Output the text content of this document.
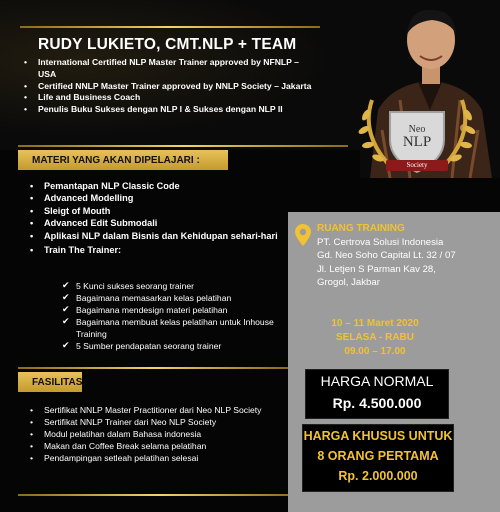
Neo
NLP
Society
RUDY LUKIETO, CMT.NLP + TEAM
• International Certified NLP Master Trainer approved by NFNLP – USA
• Certified NNLP Master Trainer approved by NNLP Society – Jakarta
• Life and Business Coach
• Penulis Buku Sukses dengan NLP I & Sukses dengan NLP II
MATERI YANG AKAN DIPELAJARI :
• Pemantapan NLP Classic Code
• Advanced Modelling
• Sleigt of Mouth
• Advanced Edit Submodali
• Aplikasi NLP dalam Bisnis dan Kehidupan sehari-hari
• Train The Trainer:
✔ 5 Kunci sukses seorang trainer
✔ Bagaimana memasarkan kelas pelatihan
✔ Bagaimana mendesign materi pelatihan
✔ Bagaimana membuat kelas pelatihan untuk Inhouse Training
✔ 5 Sumber pendapatan seorang trainer
FASILITAS:
• Sertifikat NNLP Master Practitioner dari Neo NLP Society
• Sertifikat NNLP Trainer dari Neo NLP Society
• Modul pelatihan dalam Bahasa indonesia
• Makan dan Coffee Break selama pelatihan
• Pendampingan setleah pelatihan selesai
RUANG TRAINING
PT. Certrova Solusi Indonesia
Gd. Neo Soho Capital Lt. 32 / 07
Jl. Letjen S Parman Kav 28,
Grogol, Jakbar
10 – 11 Maret 2020
SELASA - RABU
09.00 – 17.00
HARGA NORMAL
Rp. 4.500.000
HARGA KHUSUS UNTUK
8 ORANG PERTAMA
Rp. 2.000.000
